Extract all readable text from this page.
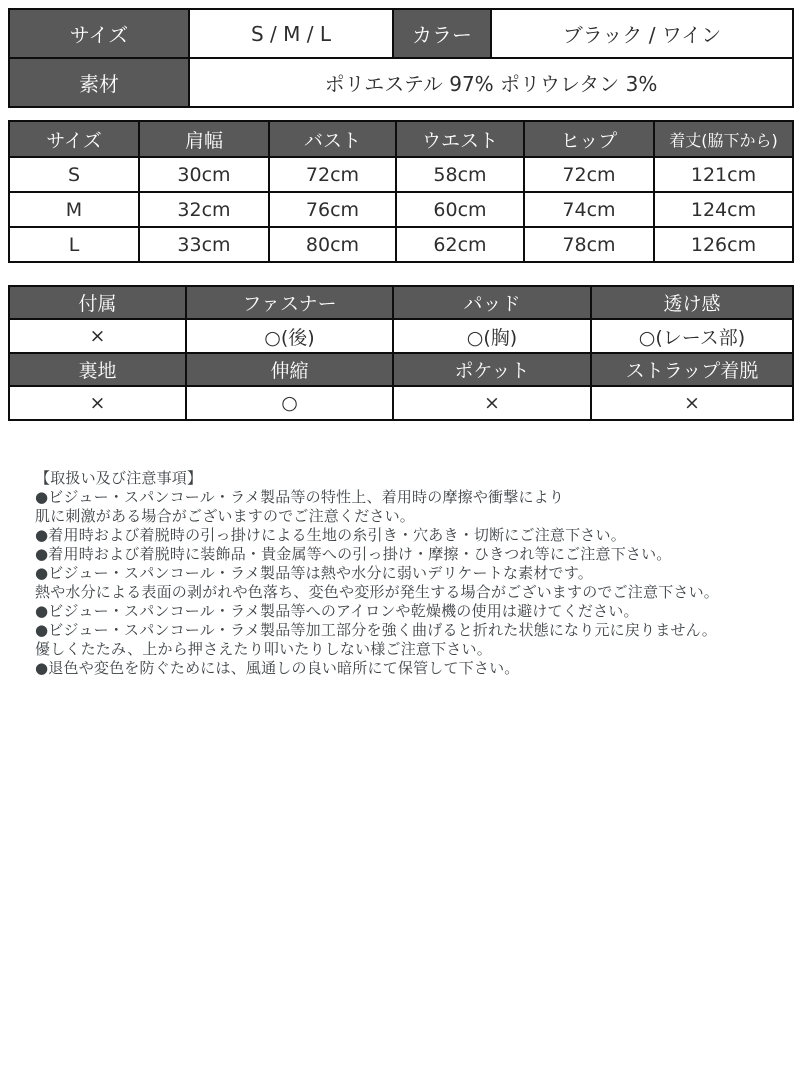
サイズ	S / M / L	カラー	ブラック / ワイン
素材	ポリエステル 97% ポリウレタン 3%		
サイズ	肩幅	バスト	ウエスト	ヒップ	着丈(脇下から)
S	30cm	72cm	58cm	72cm	121cm
M	32cm	76cm	60cm	74cm	124cm
L	33cm	80cm	62cm	78cm	126cm
付属	ファスナー	パッド	透け感
×	○(後)	○(胸)	○(レース部)
裏地	伸縮	ポケット	ストラップ着脱
×	○	×	×
【取扱い及び注意事項】
●ビジュー・スパンコール・ラメ製品等の特性上、着用時の摩擦や衝撃により
肌に刺激がある場合がございますのでご注意ください。
●着用時および着脱時の引っ掛けによる生地の糸引き・穴あき・切断にご注意下さい。
●着用時および着脱時に装飾品・貴金属等への引っ掛け・摩擦・ひきつれ等にご注意下さい。
●ビジュー・スパンコール・ラメ製品等は熱や水分に弱いデリケートな素材です。
熱や水分による表面の剥がれや色落ち、変色や変形が発生する場合がございますのでご注意下さい。
●ビジュー・スパンコール・ラメ製品等へのアイロンや乾燥機の使用は避けてください。
●ビジュー・スパンコール・ラメ製品等加工部分を強く曲げると折れた状態になり元に戻りません。
優しくたたみ、上から押さえたり叩いたりしない様ご注意下さい。
●退色や変色を防ぐためには、風通しの良い暗所にて保管して下さい。
